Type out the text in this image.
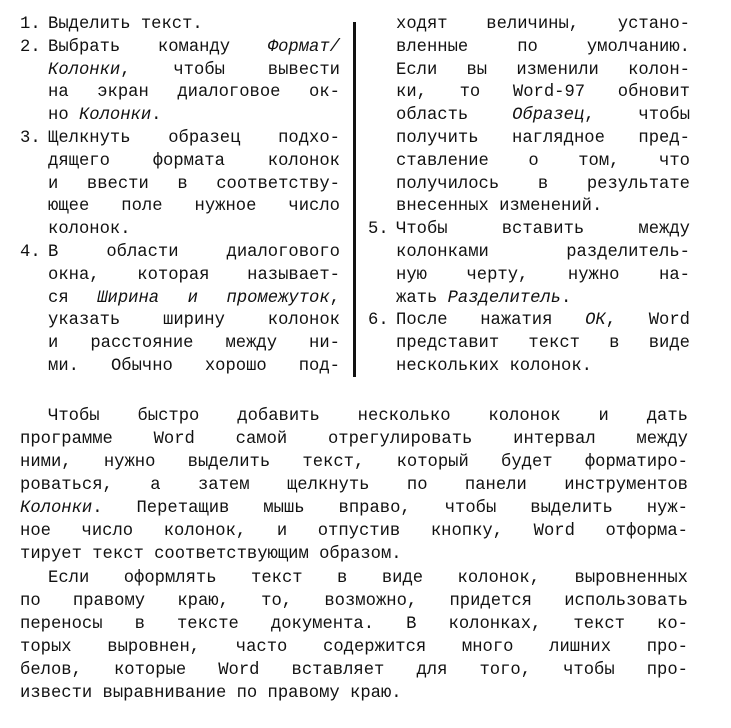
1. Выделить текст.
2. Выбрать команду Формат/
Колонки, чтобы вывести
на экран диалоговое ок-
но Колонки.
3. Щелкнуть образец подхо-
дящего формата колонок
и ввести в соответству-
ющее поле нужное число
колонок.
4. В области диалогового
окна, которая называет-
ся Ширина и промежуток,
указать ширину колонок
и расстояние между ни-
ми. Обычно хорошо под-
ходят величины, устано-
вленные по умолчанию.
Если вы изменили колон-
ки, то Word-97 обновит
область Образец, чтобы
получить наглядное пред-
ставление о том, что
получилось в результате
внесенных изменений.
5. Чтобы вставить между
колонками разделитель-
ную черту, нужно на-
жать Разделитель.
6. После нажатия ОК, Word
представит текст в виде
нескольких колонок.
Чтобы быстро добавить несколько колонок и дать
программе Word самой отрегулировать интервал между
ними, нужно выделить текст, который будет форматиро-
роваться, а затем щелкнуть по панели инструментов
Колонки. Перетащив мышь вправо, чтобы выделить нуж-
ное число колонок, и отпустив кнопку, Word отформа-
тирует текст соответствующим образом.
Если оформлять текст в виде колонок, выровненных
по правому краю, то, возможно, придется использовать
переносы в тексте документа. В колонках, текст ко-
торых выровнен, часто содержится много лишних про-
белов, которые Word вставляет для того, чтобы про-
извести выравнивание по правому краю.
